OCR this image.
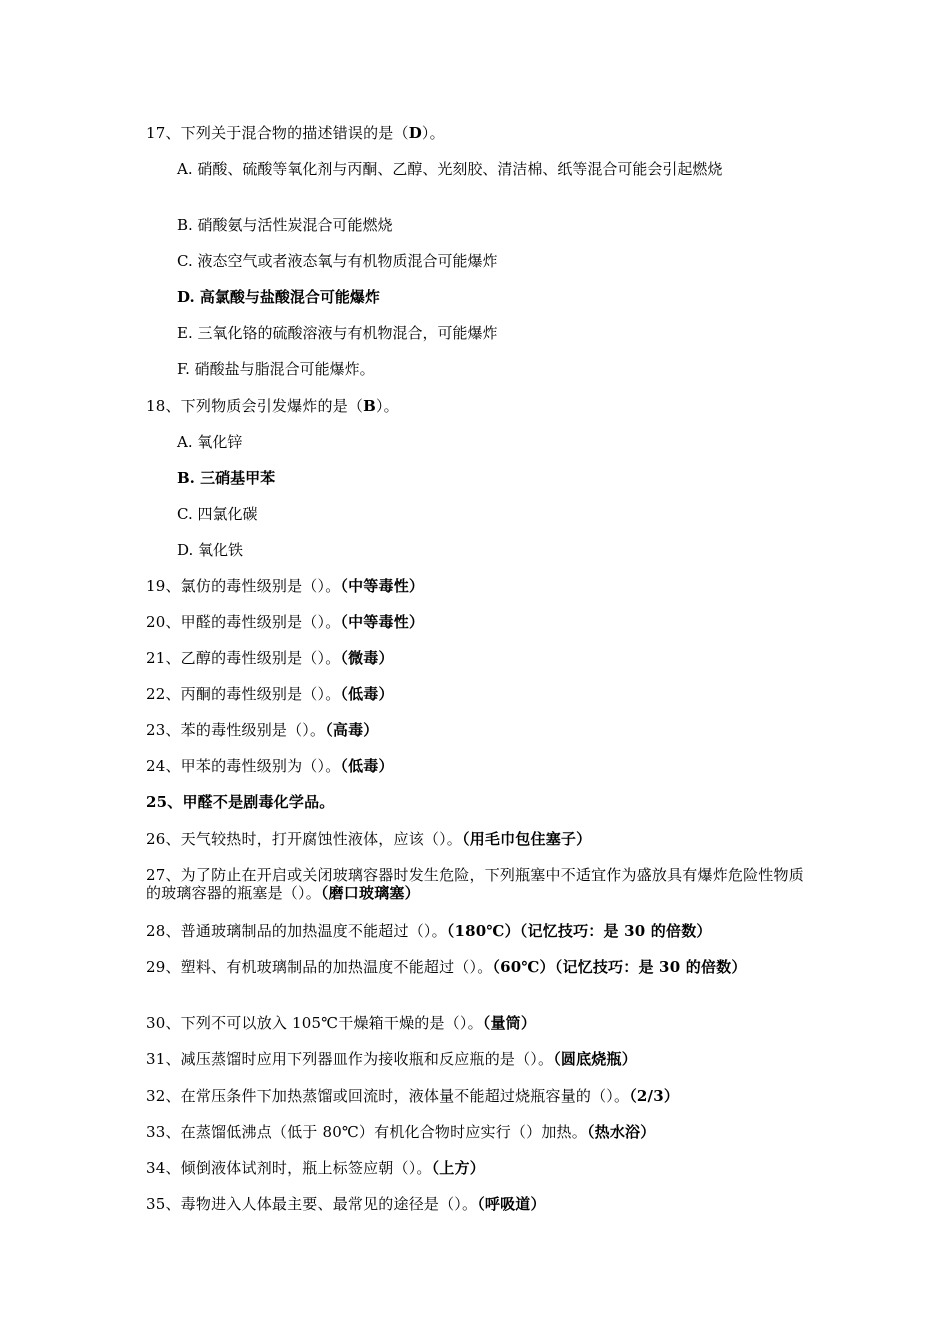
17、下列关于混合物的描述错误的是（D）。
A. 硝酸、硫酸等氧化剂与丙酮、乙醇、光刻胶、清洁棉、纸等混合可能会引起燃烧
B. 硝酸氨与活性炭混合可能燃烧
C. 液态空气或者液态氧与有机物质混合可能爆炸
D. 高氯酸与盐酸混合可能爆炸
E. 三氧化铬的硫酸溶液与有机物混合，可能爆炸
F. 硝酸盐与脂混合可能爆炸。
18、下列物质会引发爆炸的是（B）。
A. 氧化锌
B. 三硝基甲苯
C. 四氯化碳
D. 氧化铁
19、氯仿的毒性级别是（）。（中等毒性）
20、甲醛的毒性级别是（）。（中等毒性）
21、乙醇的毒性级别是（）。（微毒）
22、丙酮的毒性级别是（）。（低毒）
23、苯的毒性级别是（）。（高毒）
24、甲苯的毒性级别为（）。（低毒）
25、甲醛不是剧毒化学品。
26、天气较热时，打开腐蚀性液体，应该（）。（用毛巾包住塞子）
27、为了防止在开启或关闭玻璃容器时发生危险，下列瓶塞中不适宜作为盛放具有爆炸危险性物质的玻璃容器的瓶塞是（）。（磨口玻璃塞）
28、普通玻璃制品的加热温度不能超过（）。（180℃）（记忆技巧：是 30 的倍数）
29、塑料、有机玻璃制品的加热温度不能超过（）。（60℃）（记忆技巧：是 30 的倍数）
30、下列不可以放入 105℃干燥箱干燥的是（）。（量筒）
31、减压蒸馏时应用下列器皿作为接收瓶和反应瓶的是（）。（圆底烧瓶）
32、在常压条件下加热蒸馏或回流时，液体量不能超过烧瓶容量的（）。（2/3）
33、在蒸馏低沸点（低于 80℃）有机化合物时应实行（）加热。（热水浴）
34、倾倒液体试剂时，瓶上标签应朝（）。（上方）
35、毒物进入人体最主要、最常见的途径是（）。（呼吸道）
